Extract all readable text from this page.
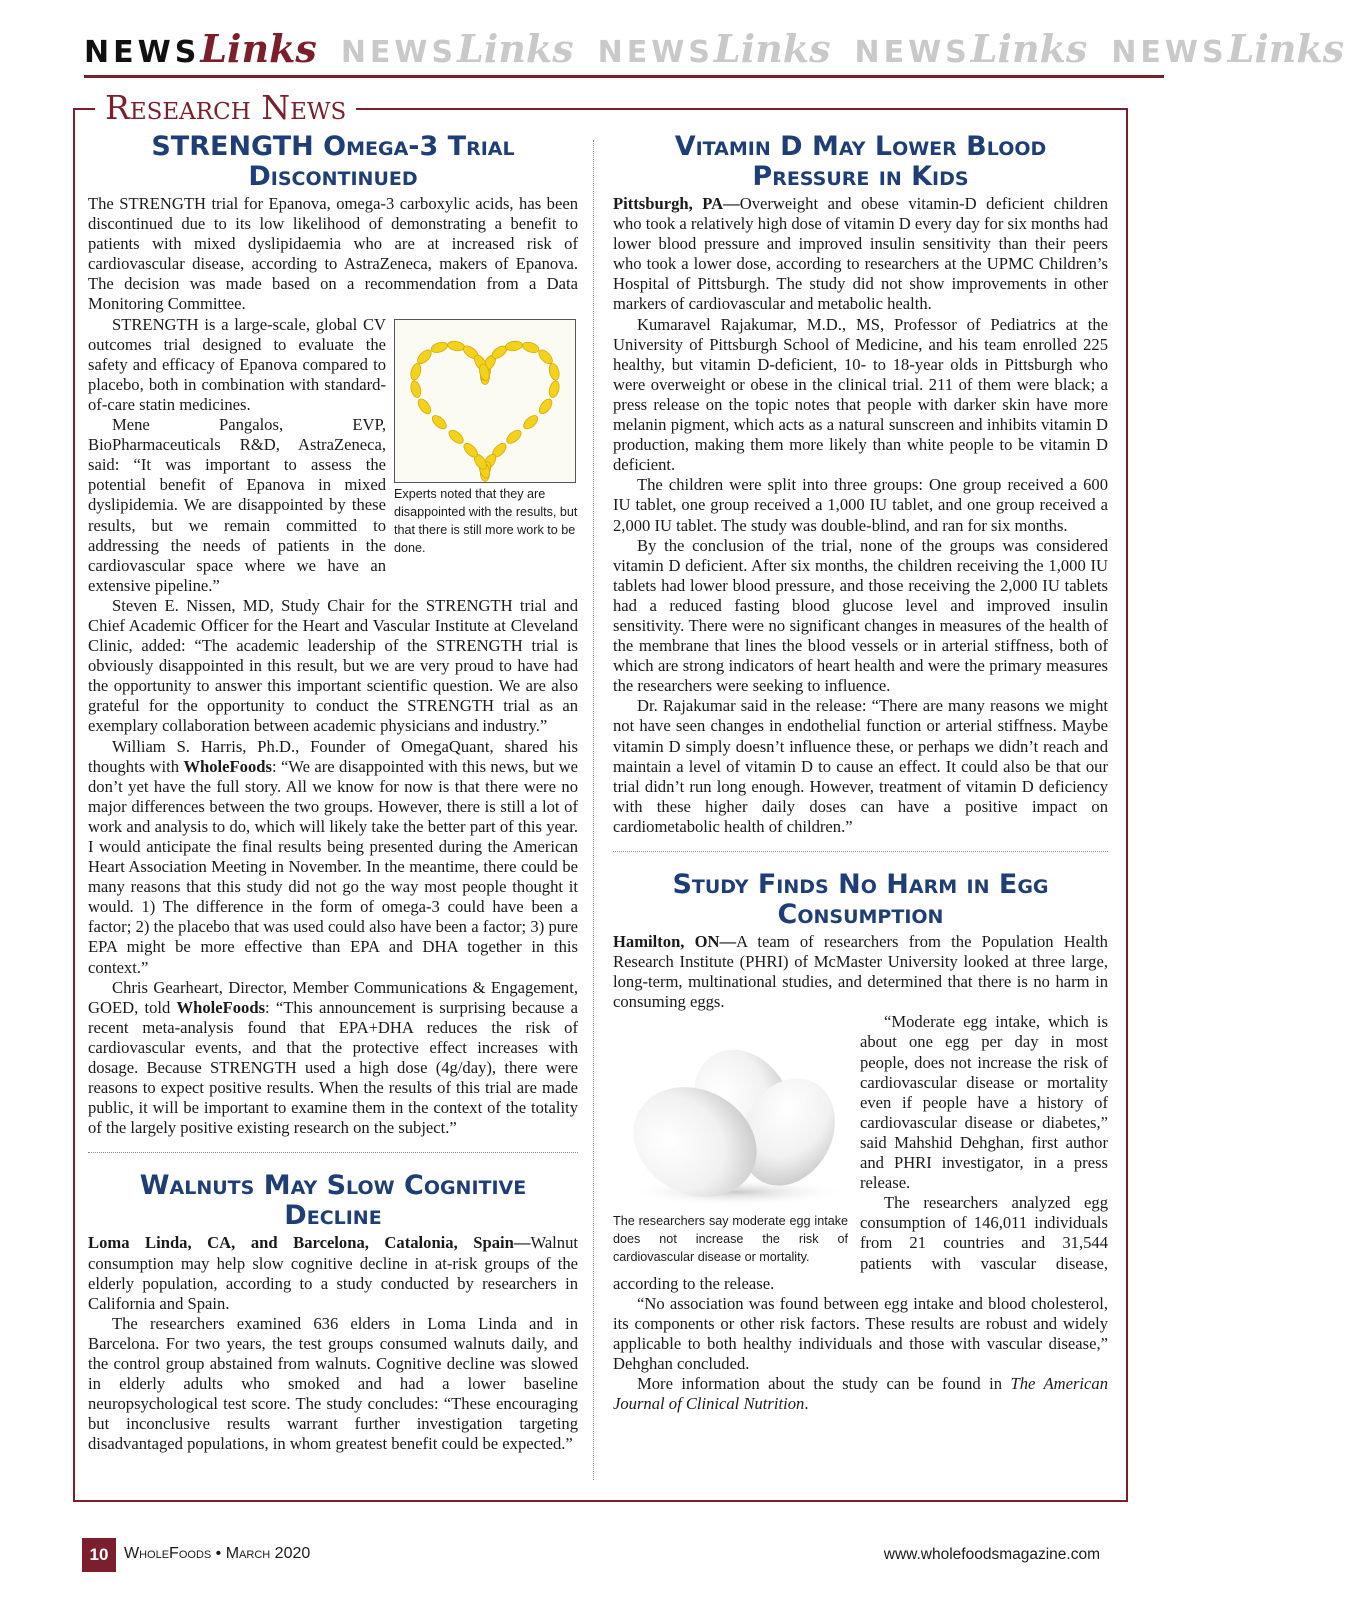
NEWSLinks NEWSLinks NEWSLinks NEWSLinks NEWSLinks
Research News
STRENGTH Omega-3 Trial Discontinued

The STRENGTH trial for Epanova, omega-3 carboxylic acids, has been discontinued due to its low likelihood of demonstrating a benefit to patients with mixed dyslipidaemia who are at increased risk of cardiovascular disease, according to AstraZeneca, makers of Epanova. The decision was made based on a recommendation from a Data Monitoring Committee.

Experts noted that they are disappointed with the results, but that there is still more work to be done.

STRENGTH is a large-scale, global CV outcomes trial designed to evaluate the safety and efficacy of Epanova compared to placebo, both in combination with standard-of-care statin medicines.

Mene Pangalos, EVP, BioPharmaceuticals R&D, AstraZeneca, said: “It was important to assess the potential benefit of Epanova in mixed dyslipidemia. We are disappointed by these results, but we remain committed to addressing the needs of patients in the cardiovascular space where we have an extensive pipeline.”

Steven E. Nissen, MD, Study Chair for the STRENGTH trial and Chief Academic Officer for the Heart and Vascular Institute at Cleveland Clinic, added: “The academic leadership of the STRENGTH trial is obviously disappointed in this result, but we are very proud to have had the opportunity to answer this important scientific question. We are also grateful for the opportunity to conduct the STRENGTH trial as an exemplary collaboration between academic physicians and industry.”

William S. Harris, Ph.D., Founder of OmegaQuant, shared his thoughts with WholeFoods: “We are disappointed with this news, but we don’t yet have the full story. All we know for now is that there were no major differences between the two groups. However, there is still a lot of work and analysis to do, which will likely take the better part of this year. I would anticipate the final results being presented during the American Heart Association Meeting in November. In the meantime, there could be many reasons that this study did not go the way most people thought it would. 1) The difference in the form of omega-3 could have been a factor; 2) the placebo that was used could also have been a factor; 3) pure EPA might be more effective than EPA and DHA together in this context.”

Chris Gearheart, Director, Member Communications & Engagement, GOED, told WholeFoods: “This announcement is surprising because a recent meta-analysis found that EPA+DHA reduces the risk of cardiovascular events, and that the protective effect increases with dosage. Because STRENGTH used a high dose (4g/day), there were reasons to expect positive results. When the results of this trial are made public, it will be important to examine them in the context of the totality of the largely positive existing research on the subject.”

Walnuts May Slow Cognitive Decline

Loma Linda, CA, and Barcelona, Catalonia, Spain—Walnut consumption may help slow cognitive decline in at-risk groups of the elderly population, according to a study conducted by researchers in California and Spain.

The researchers examined 636 elders in Loma Linda and in Barcelona. For two years, the test groups consumed walnuts daily, and the control group abstained from walnuts. Cognitive decline was slowed in elderly adults who smoked and had a lower baseline neuropsychological test score. The study concludes: “These encouraging but inconclusive results warrant further investigation targeting disadvantaged populations, in whom greatest benefit could be expected.”

Vitamin D May Lower Blood Pressure in Kids

Pittsburgh, PA—Overweight and obese vitamin-D deficient children who took a relatively high dose of vitamin D every day for six months had lower blood pressure and improved insulin sensitivity than their peers who took a lower dose, according to researchers at the UPMC Children’s Hospital of Pittsburgh. The study did not show improvements in other markers of cardiovascular and metabolic health.

Kumaravel Rajakumar, M.D., MS, Professor of Pediatrics at the University of Pittsburgh School of Medicine, and his team enrolled 225 healthy, but vitamin D-deficient, 10- to 18-year olds in Pittsburgh who were overweight or obese in the clinical trial. 211 of them were black; a press release on the topic notes that people with darker skin have more melanin pigment, which acts as a natural sunscreen and inhibits vitamin D production, making them more likely than white people to be vitamin D deficient.

The children were split into three groups: One group received a 600 IU tablet, one group received a 1,000 IU tablet, and one group received a 2,000 IU tablet. The study was double-blind, and ran for six months.

By the conclusion of the trial, none of the groups was considered vitamin D deficient. After six months, the children receiving the 1,000 IU tablets had lower blood pressure, and those receiving the 2,000 IU tablets had a reduced fasting blood glucose level and improved insulin sensitivity. There were no significant changes in measures of the health of the membrane that lines the blood vessels or in arterial stiffness, both of which are strong indicators of heart health and were the primary measures the researchers were seeking to influence.

Dr. Rajakumar said in the release: “There are many reasons we might not have seen changes in endothelial function or arterial stiffness. Maybe vitamin D simply doesn’t influence these, or perhaps we didn’t reach and maintain a level of vitamin D to cause an effect. It could also be that our trial didn’t run long enough. However, treatment of vitamin D deficiency with these higher daily doses can have a positive impact on cardiometabolic health of children.”

Study Finds No Harm in Egg Consumption

Hamilton, ON—A team of researchers from the Population Health Research Institute (PHRI) of McMaster University looked at three large, long-term, multinational studies, and determined that there is no harm in consuming eggs.

The researchers say moderate egg intake does not increase the risk of cardiovascular disease or mortality.

“Moderate egg intake, which is about one egg per day in most people, does not increase the risk of cardiovascular disease or mortality even if people have a history of cardiovascular disease or diabetes,” said Mahshid Dehghan, first author and PHRI investigator, in a press release.

The researchers analyzed egg consumption of 146,011 individuals from 21 countries and 31,544 patients with vascular disease, according to the release.

“No association was found between egg intake and blood cholesterol, its components or other risk factors. These results are robust and widely applicable to both healthy individuals and those with vascular disease,” Dehghan concluded.

More information about the study can be found in The American Journal of Clinical Nutrition.

10 WholeFoods • March 2020	www.wholefoodsmagazine.com
